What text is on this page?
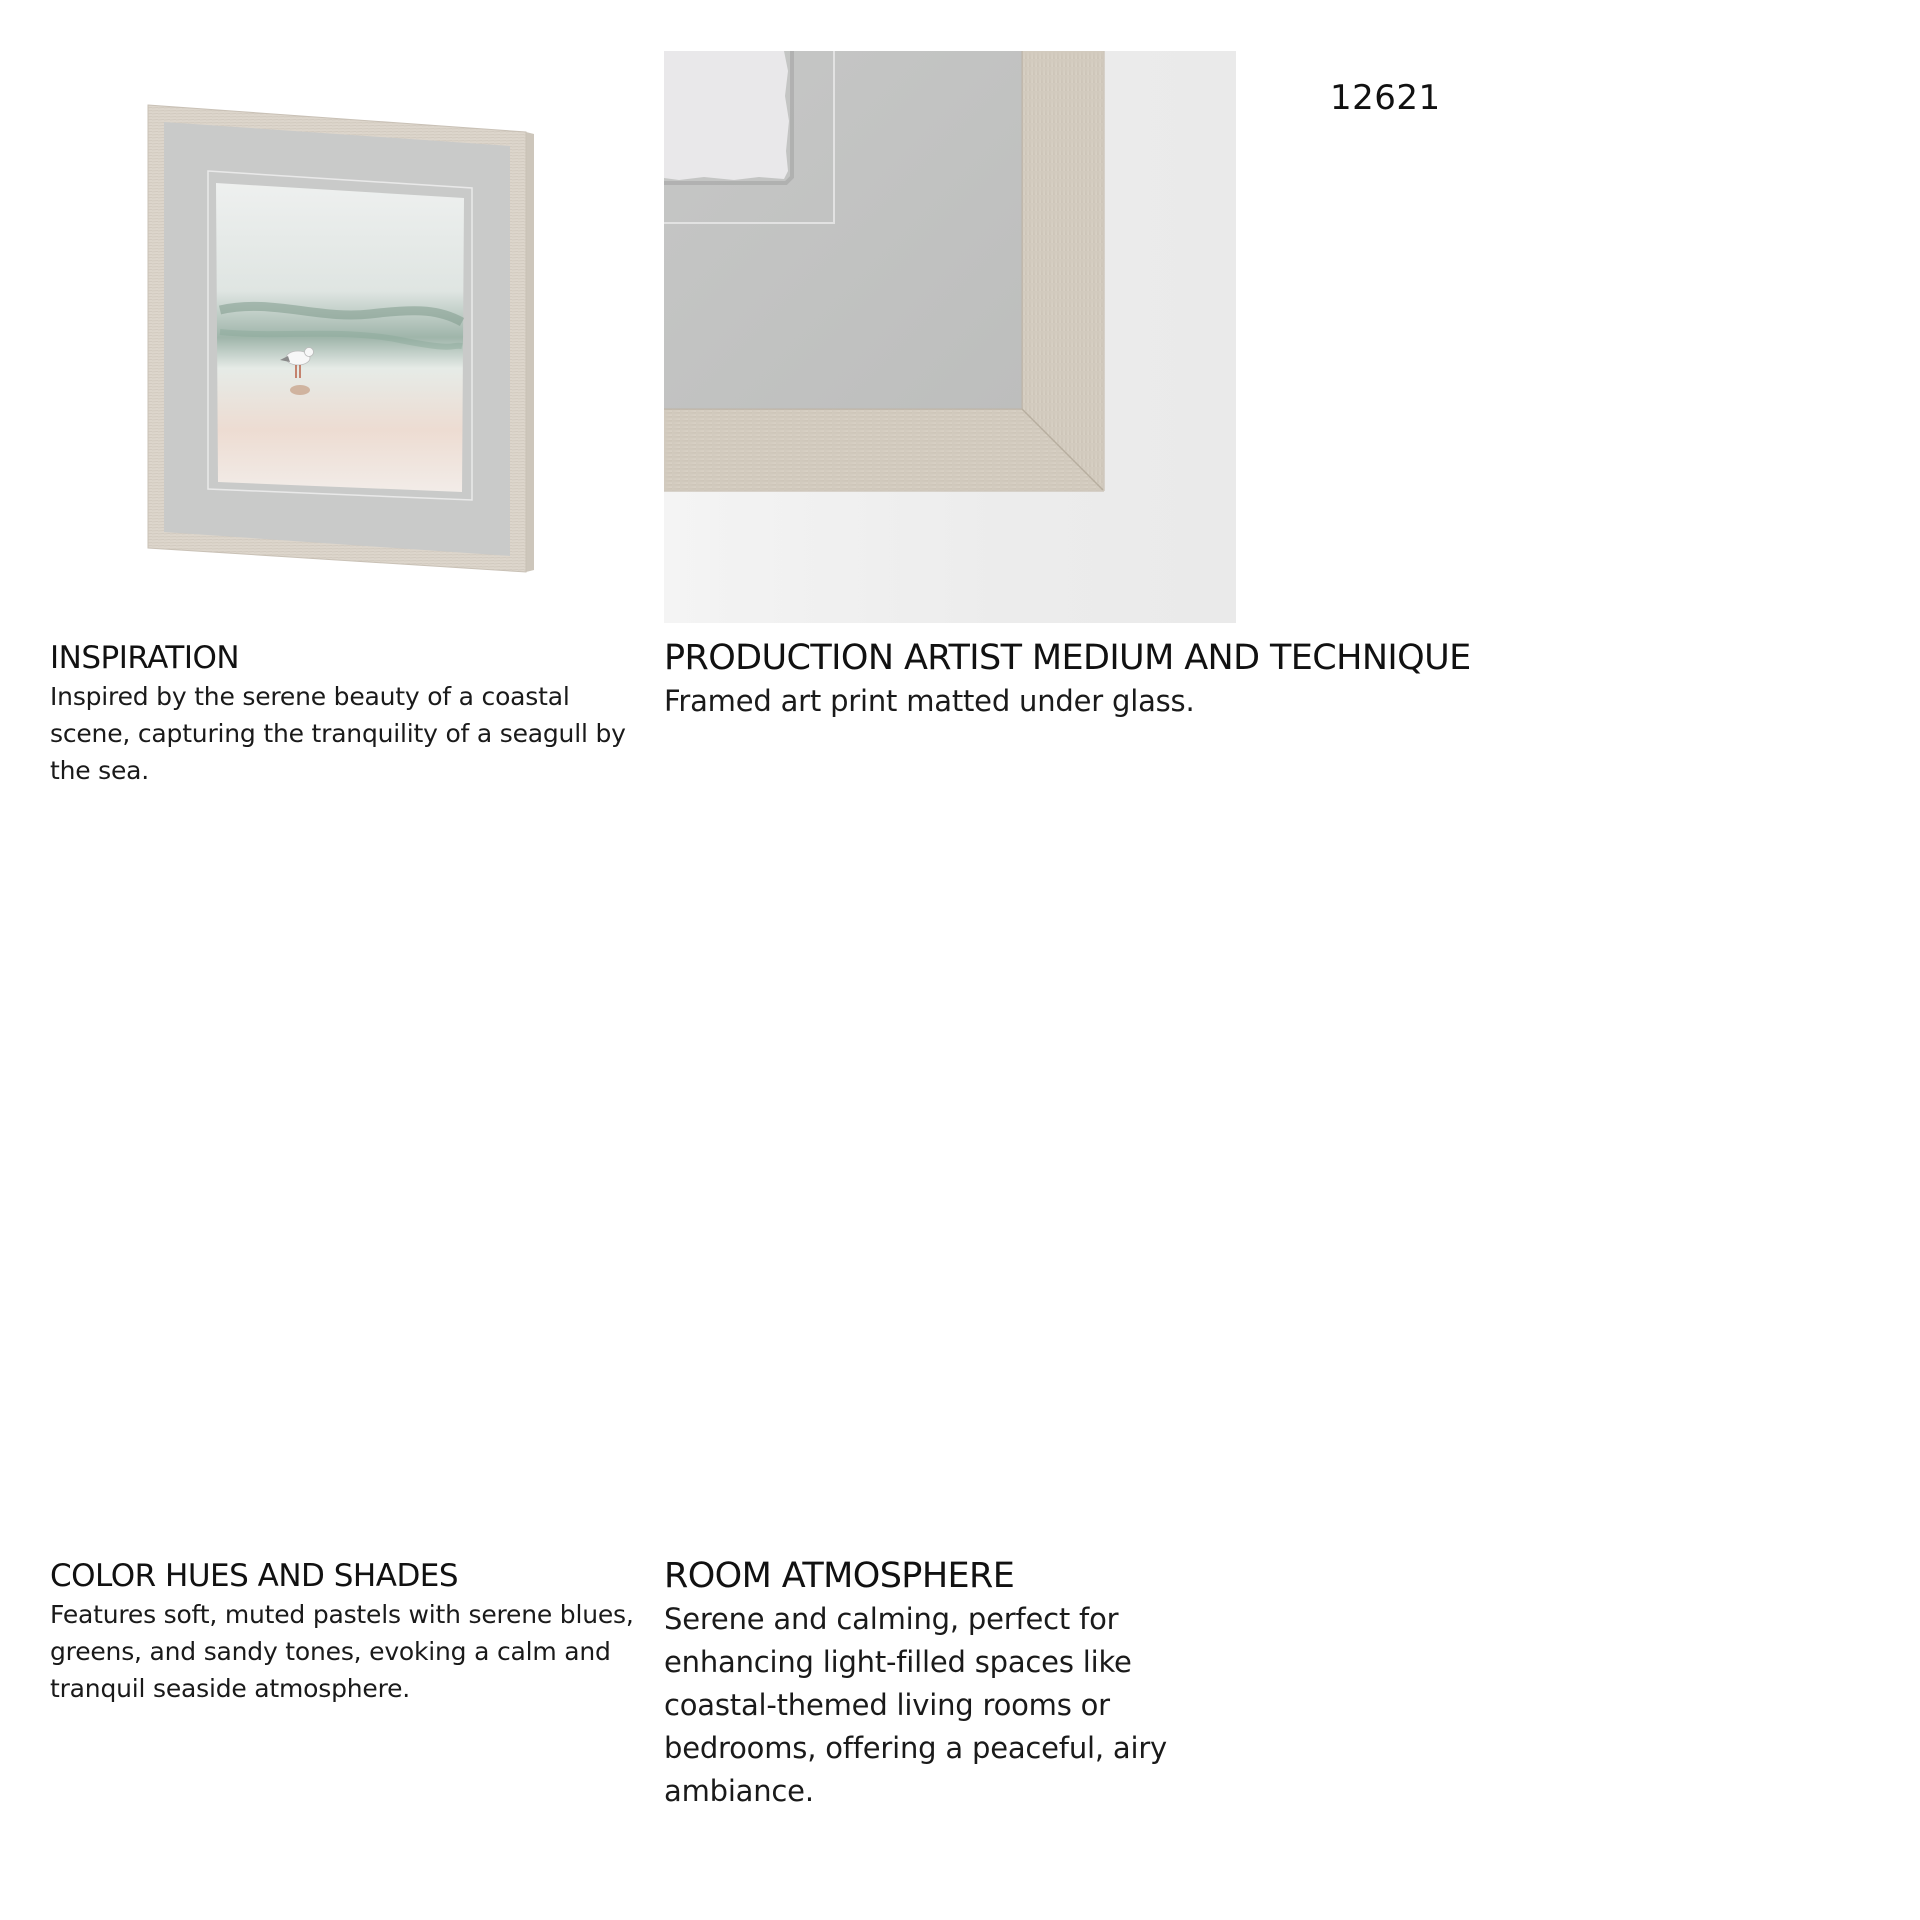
12621
INSPIRATION

Inspired by the serene beauty of a coastal scene, capturing the tranquility of a seagull by the sea.

PRODUCTION ARTIST MEDIUM AND TECHNIQUE

Framed art print matted under glass.

COLOR HUES AND SHADES

Features soft, muted pastels with serene blues, greens, and sandy tones, evoking a calm and tranquil seaside atmosphere.

ROOM ATMOSPHERE

Serene and calming, perfect for enhancing light-filled spaces like coastal-themed living rooms or bedrooms, offering a peaceful, airy ambiance.
